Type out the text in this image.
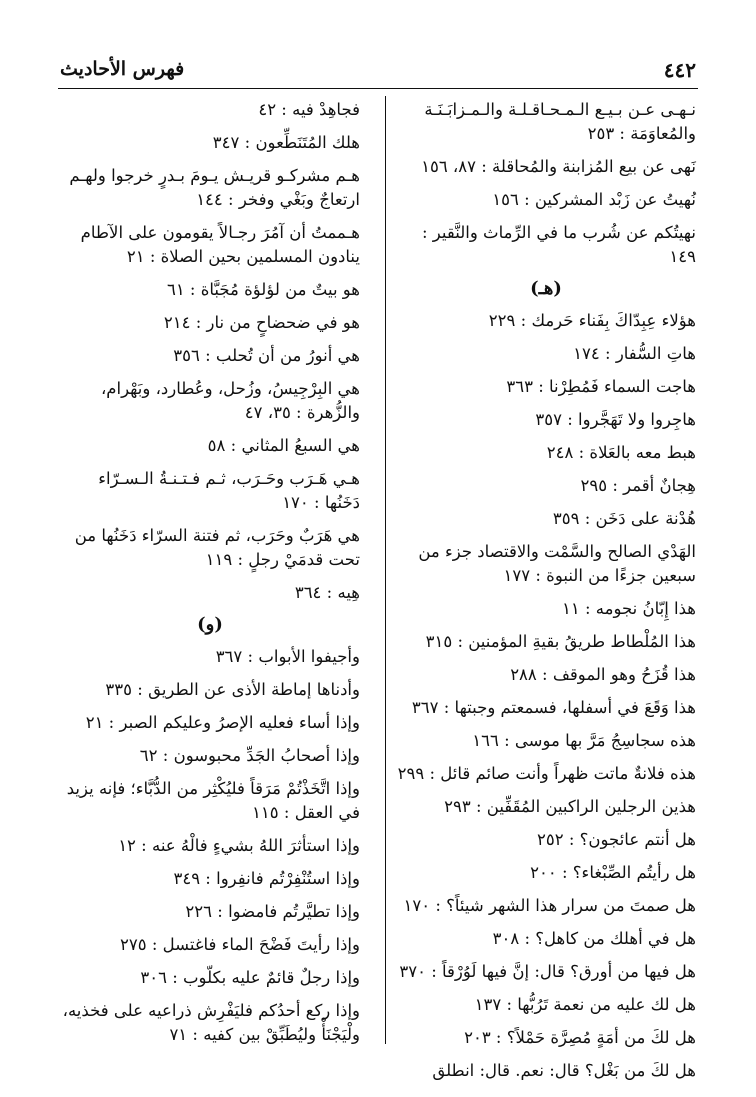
٤٤٢
فهرس الأحاديث
نـهـى عـن بـيـع الـمـحـاقـلـة والـمـزابَـنَـة والمُعاوَمَة : ٢٥٣
نَهى عن بيع المُزابنة والمُحاقلة : ٨٧، ١٥٦
نُهيتُ عن زَبْد المشركين : ١٥٦
نهيتُكم عن شُرب ما في الرِّماث والنَّقير : ١٤٩
(هـ)
هؤلاء عِبِدّاكَ بِفَناء حَرمك : ٢٢٩
هاتِ السُّفار : ١٧٤
هاجت السماء فَمُطِرْنا : ٣٦٣
هاجِروا ولا تَهَجَّروا : ٣٥٧
هبط معه بالعَلاة : ٢٤٨
هِجانٌ أقمر : ٢٩٥
هُدْنة على دَخَن : ٣٥٩
الهَدْي الصالح والسَّمْت والاقتصاد جزء من سبعين جزءًا من النبوة : ١٧٧
هذا إِبّانُ نجومه : ١١
هذا المُلْطاط طريقُ بقيةِ المؤمنين : ٣١٥
هذا قُزَحُ وهو الموقف : ٢٨٨
هذا وَقَعَ في أسفلها، فسمعتم وجبتها : ٣٦٧
هذه سجاسِجُ مَرَّ بها موسى : ١٦٦
هذه فلانةٌ ماتت ظهراً وأنت صائم قائل : ٢٩٩
هذين الرجلين الراكبين المُقَفِّين : ٢٩٣
هل أنتم عائجون؟ : ٢٥٢
هل رأيتُم الصِّبْغاء؟ : ٢٠٠
هل صمتَ من سرار هذا الشهر شيئاً؟ : ١٧٠
هل في أهلك من كاهل؟ : ٣٠٨
هل فيها من أورق؟ قال: إنَّ فيها لَوُرْقاً : ٣٧٠
هل لك عليه من نعمة تَرُبُّها : ١٣٧
هل لكَ من أمَةٍ مُصِرَّة حَمْلاً؟ : ٢٠٣
هل لكَ من بَغْل؟ قال: نعم. قال: انطلق
فجاهِدْ فيه : ٤٢
هلك المُتَنَطِّعون : ٣٤٧
هـم مشركـو قريـش يـومَ بـدرٍ خرجوا ولهـم ارتعاجٌ وبَغْي وفخر : ١٤٤
هـممتُ أن آمُرَ رجـالاً يقومون على الآطام ينادون المسلمين بحين الصلاة : ٢١
هو بيتٌ من لؤلؤة مُجَبَّاة : ٦١
هو في ضحضاحٍ من نار : ٢١٤
هي أنورُ من أن تُحلب : ٣٥٦
هي البِرْجِيسُ، وزُحل، وعُطارد، وبَهْرام، والزُّهرة : ٣٥، ٤٧
هي السبعُ المثاني : ٥٨
هـي هَـرَب وحَـرَب، ثـم فـتـنـةُ الـسـرّاء دَخَنُها : ١٧٠
هي هَرَبٌ وحَرَب، ثم فتنة السرّاء دَخَنُها من تحت قدمَيْ رجلٍ : ١١٩
هِيه : ٣٦٤
(و)
وأجيفوا الأبواب : ٣٦٧
وأدناها إماطة الأذى عن الطريق : ٣٣٥
وإذا أساء فعليه الإصرُ وعليكم الصبر : ٢١
وإذا أصحابُ الجَدِّ محبوسون : ٦٢
وإذا اتَّخَذْتُمْ مَرَقاً فليُكْثِر من الدُّبَّاء؛ فإنه يزيد في العقل : ١١٥
وإذا استأثرَ اللهُ بشيءٍ فالْهُ عنه : ١٢
وإذا استُنْفِرْتُم فانفِروا : ٣٤٩
وإذا تطيَّرتُم فامضوا : ٢٢٦
وإذا رأيتَ فَضْحَ الماء فاغتسل : ٢٧٥
وإذا رجلٌ قائمٌ عليه بكلّوب : ٣٠٦
وإذا ركع أحدُكم فليَفْرِش ذراعيه على فخذيه، ولْيَجْنَأْ وليُطَبِّقْ بين كفيه : ٧١
